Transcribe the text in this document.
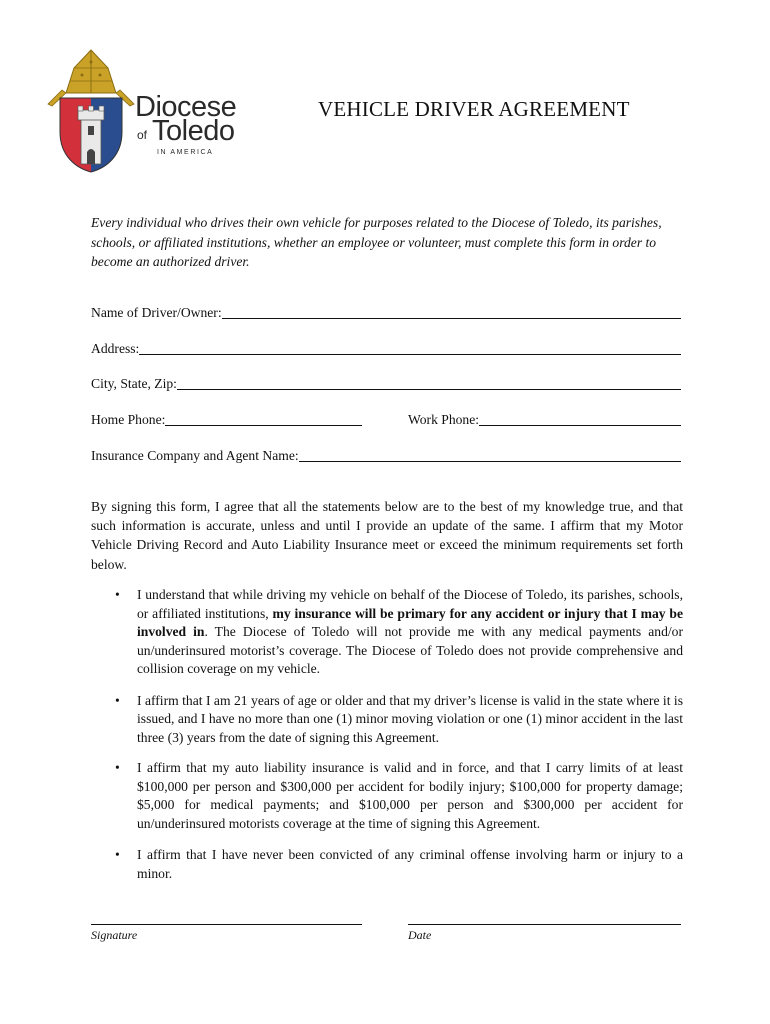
Diocese
of Toledo
IN AMERICA
VEHICLE DRIVER AGREEMENT
Every individual who drives their own vehicle for purposes related to the Diocese of Toledo, its parishes, schools, or affiliated institutions, whether an employee or volunteer, must complete this form in order to become an authorized driver.
Name of Driver/Owner:
Address:
City, State, Zip:
Home Phone:	Work Phone:
Insurance Company and Agent Name:
By signing this form, I agree that all the statements below are to the best of my knowledge true, and that such information is accurate, unless and until I provide an update of the same. I affirm that my Motor Vehicle Driving Record and Auto Liability Insurance meet or exceed the minimum requirements set forth below.
• I understand that while driving my vehicle on behalf of the Diocese of Toledo, its parishes, schools, or affiliated institutions, my insurance will be primary for any accident or injury that I may be involved in. The Diocese of Toledo will not provide me with any medical payments and/or un/underinsured motorist’s coverage. The Diocese of Toledo does not provide comprehensive and collision coverage on my vehicle.
• I affirm that I am 21 years of age or older and that my driver’s license is valid in the state where it is issued, and I have no more than one (1) minor moving violation or one (1) minor accident in the last three (3) years from the date of signing this Agreement.
• I affirm that my auto liability insurance is valid and in force, and that I carry limits of at least $100,000 per person and $300,000 per accident for bodily injury; $100,000 for property damage; $5,000 for medical payments; and $100,000 per person and $300,000 per accident for un/underinsured motorists coverage at the time of signing this Agreement.
• I affirm that I have never been convicted of any criminal offense involving harm or injury to a minor.
Signature	Date
